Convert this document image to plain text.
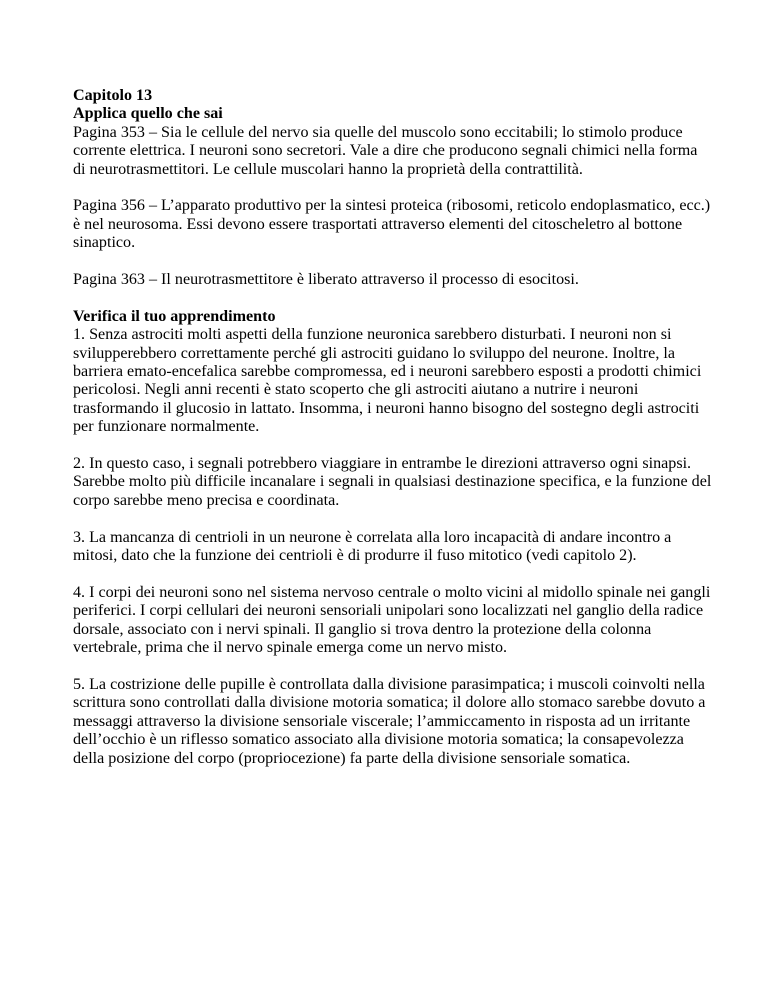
Capitolo 13

Applica quello che sai

Pagina 353 – Sia le cellule del nervo sia quelle del muscolo sono eccitabili; lo stimolo produce corrente elettrica. I neuroni sono secretori. Vale a dire che producono segnali chimici nella forma di neurotrasmettitori. Le cellule muscolari hanno la proprietà della contrattilità.

Pagina 356 – L’apparato produttivo per la sintesi proteica (ribosomi, reticolo endoplasmatico, ecc.) è nel neurosoma. Essi devono essere trasportati attraverso elementi del citoscheletro al bottone sinaptico.

Pagina 363 – Il neurotrasmettitore è liberato attraverso il processo di esocitosi.

Verifica il tuo apprendimento

1. Senza astrociti molti aspetti della funzione neuronica sarebbero disturbati. I neuroni non si svilupperebbero correttamente perché gli astrociti guidano lo sviluppo del neurone. Inoltre, la barriera emato-encefalica sarebbe compromessa, ed i neuroni sarebbero esposti a prodotti chimici pericolosi. Negli anni recenti è stato scoperto che gli astrociti aiutano a nutrire i neuroni trasformando il glucosio in lattato. Insomma, i neuroni hanno bisogno del sostegno degli astrociti per funzionare normalmente.

2. In questo caso, i segnali potrebbero viaggiare in entrambe le direzioni attraverso ogni sinapsi. Sarebbe molto più difficile incanalare i segnali in qualsiasi destinazione specifica, e la funzione del corpo sarebbe meno precisa e coordinata.

3. La mancanza di centrioli in un neurone è correlata alla loro incapacità di andare incontro a mitosi, dato che la funzione dei centrioli è di produrre il fuso mitotico (vedi capitolo 2).

4. I corpi dei neuroni sono nel sistema nervoso centrale o molto vicini al midollo spinale nei gangli periferici. I corpi cellulari dei neuroni sensoriali unipolari sono localizzati nel ganglio della radice dorsale, associato con i nervi spinali. Il ganglio si trova dentro la protezione della colonna vertebrale, prima che il nervo spinale emerga come un nervo misto.

5. La costrizione delle pupille è controllata dalla divisione parasimpatica; i muscoli coinvolti nella scrittura sono controllati dalla divisione motoria somatica; il dolore allo stomaco sarebbe dovuto a messaggi attraverso la divisione sensoriale viscerale; l’ammiccamento in risposta ad un irritante dell’occhio è un riflesso somatico associato alla divisione motoria somatica; la consapevolezza della posizione del corpo (propriocezione) fa parte della divisione sensoriale somatica.
